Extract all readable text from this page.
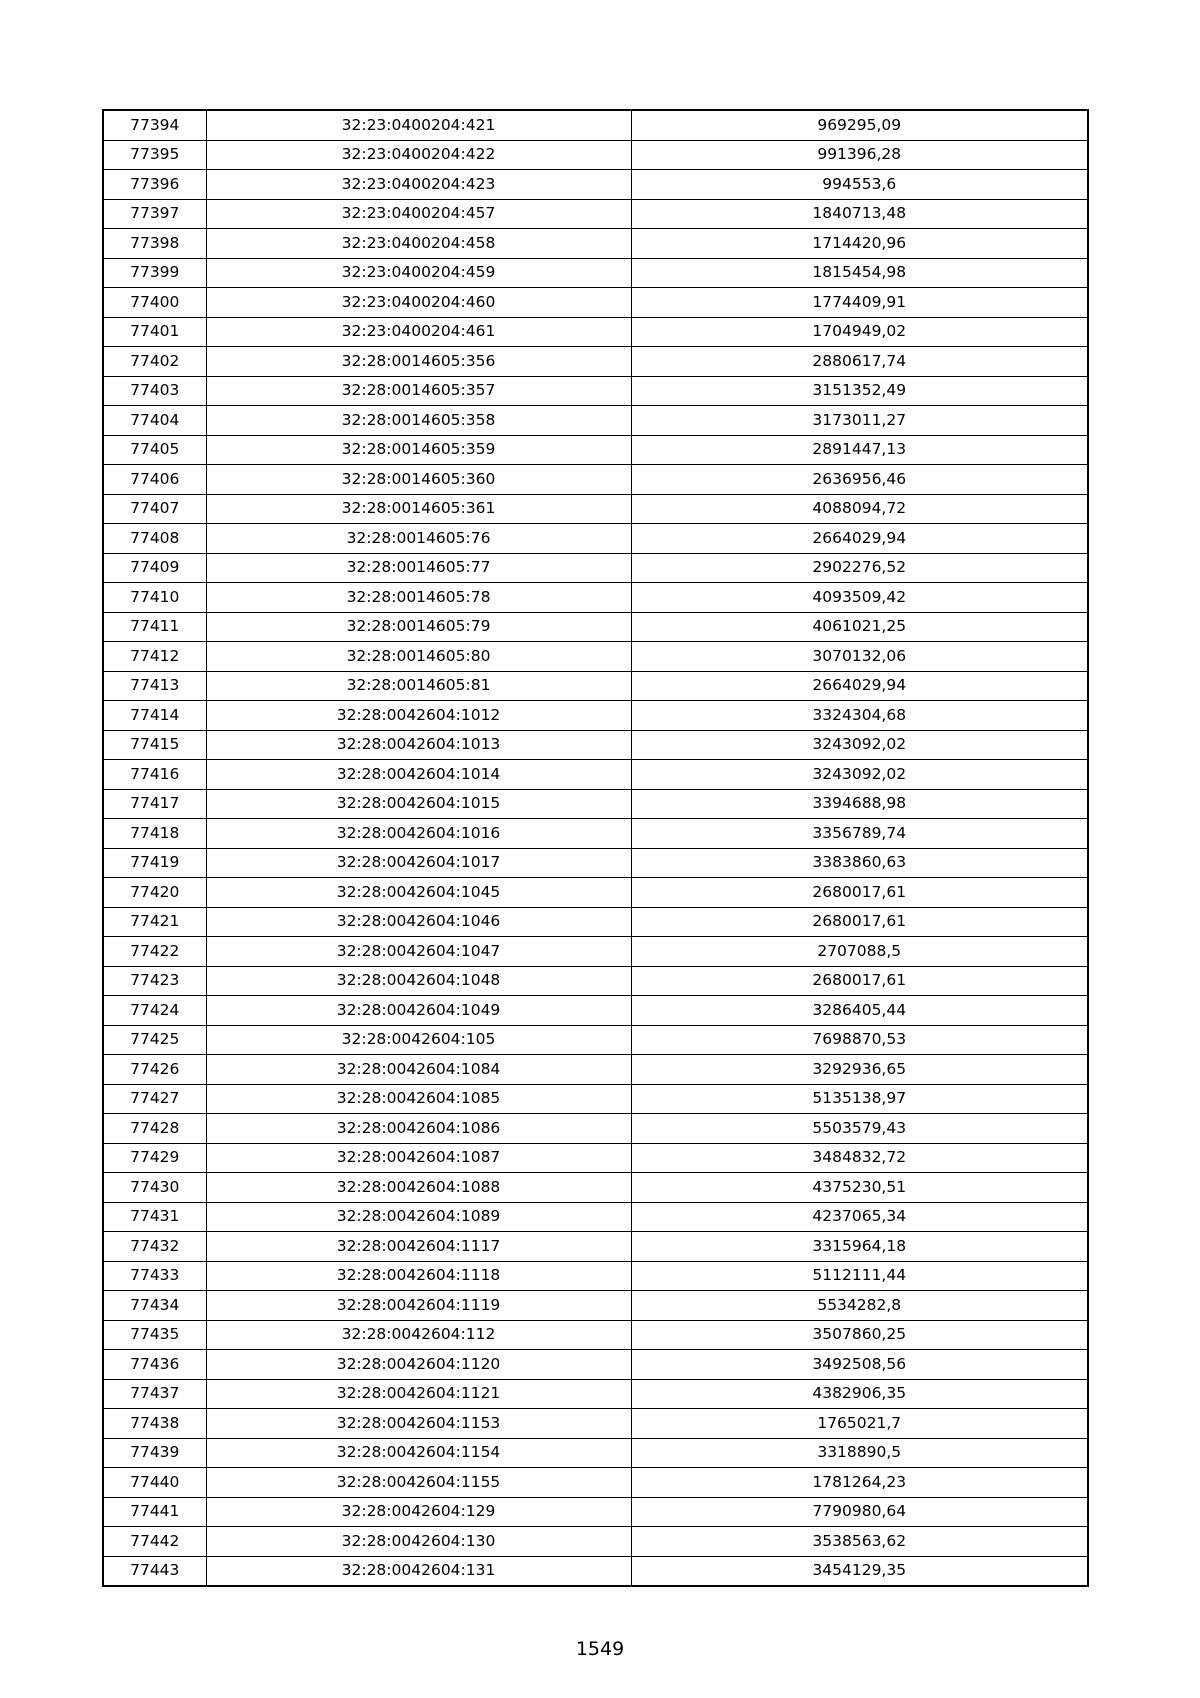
77394	32:23:0400204:421	969295,09
77395	32:23:0400204:422	991396,28
77396	32:23:0400204:423	994553,6
77397	32:23:0400204:457	1840713,48
77398	32:23:0400204:458	1714420,96
77399	32:23:0400204:459	1815454,98
77400	32:23:0400204:460	1774409,91
77401	32:23:0400204:461	1704949,02
77402	32:28:0014605:356	2880617,74
77403	32:28:0014605:357	3151352,49
77404	32:28:0014605:358	3173011,27
77405	32:28:0014605:359	2891447,13
77406	32:28:0014605:360	2636956,46
77407	32:28:0014605:361	4088094,72
77408	32:28:0014605:76	2664029,94
77409	32:28:0014605:77	2902276,52
77410	32:28:0014605:78	4093509,42
77411	32:28:0014605:79	4061021,25
77412	32:28:0014605:80	3070132,06
77413	32:28:0014605:81	2664029,94
77414	32:28:0042604:1012	3324304,68
77415	32:28:0042604:1013	3243092,02
77416	32:28:0042604:1014	3243092,02
77417	32:28:0042604:1015	3394688,98
77418	32:28:0042604:1016	3356789,74
77419	32:28:0042604:1017	3383860,63
77420	32:28:0042604:1045	2680017,61
77421	32:28:0042604:1046	2680017,61
77422	32:28:0042604:1047	2707088,5
77423	32:28:0042604:1048	2680017,61
77424	32:28:0042604:1049	3286405,44
77425	32:28:0042604:105	7698870,53
77426	32:28:0042604:1084	3292936,65
77427	32:28:0042604:1085	5135138,97
77428	32:28:0042604:1086	5503579,43
77429	32:28:0042604:1087	3484832,72
77430	32:28:0042604:1088	4375230,51
77431	32:28:0042604:1089	4237065,34
77432	32:28:0042604:1117	3315964,18
77433	32:28:0042604:1118	5112111,44
77434	32:28:0042604:1119	5534282,8
77435	32:28:0042604:112	3507860,25
77436	32:28:0042604:1120	3492508,56
77437	32:28:0042604:1121	4382906,35
77438	32:28:0042604:1153	1765021,7
77439	32:28:0042604:1154	3318890,5
77440	32:28:0042604:1155	1781264,23
77441	32:28:0042604:129	7790980,64
77442	32:28:0042604:130	3538563,62
77443	32:28:0042604:131	3454129,35
1549
